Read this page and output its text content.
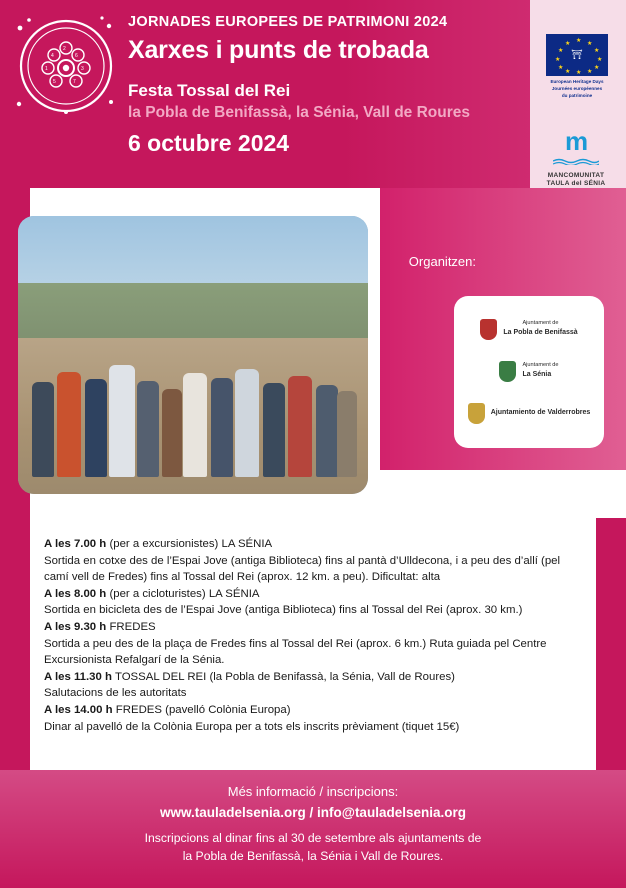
2
4	6
1	3
5	7
JORNADES EUROPEES DE PATRIMONI 2024
Xarxes i punts de trobada
Festa Tossal del Rei
la Pobla de Benifassà, la Sénia, Vall de Roures
6 octubre 2024
★ ★
★
★
★
★
★
★
★
★
★
★
⛩
European Heritage Days
Journées européennes
du patrimoine
m
MANCOMUNITAT
TAULA del SÉNIA
Organitzen:
Ajuntament de
La Pobla de Benifassà
Ajuntament de
La Sénia
Ajuntamiento de Valderrobres

A les 7.00 h (per a excursionistes) LA SÉNIA

Sortida en cotxe des de l’Espai Jove (antiga Biblioteca) fins al pantà d’Ulldecona, i a peu des d’allí (pel camí vell de Fredes) fins al Tossal del Rei (aprox. 12 km. a peu). Dificultat: alta

A les 8.00 h (per a cicloturistes) LA SÉNIA

Sortida en bicicleta des de l’Espai Jove (antiga Biblioteca) fins al Tossal del Rei (aprox. 30 km.)

A les 9.30 h FREDES

Sortida a peu des de la plaça de Fredes fins al Tossal del Rei (aprox. 6 km.) Ruta guiada pel Centre Excursionista Refalgarí de la Sénia.

A les 11.30 h TOSSAL DEL REI (la Pobla de Benifassà, la Sénia, Vall de Roures)

Salutacions de les autoritats

A les 14.00 h FREDES (pavelló Colònia Europa)

Dinar al pavelló de la Colònia Europa per a tots els inscrits prèviament (tiquet 15€)

Més informació / inscripcions:
www.tauladelsenia.org / info@tauladelsenia.org
Inscripcions al dinar fins al 30 de setembre als ajuntaments de
la Pobla de Benifassà, la Sénia i Vall de Roures.
